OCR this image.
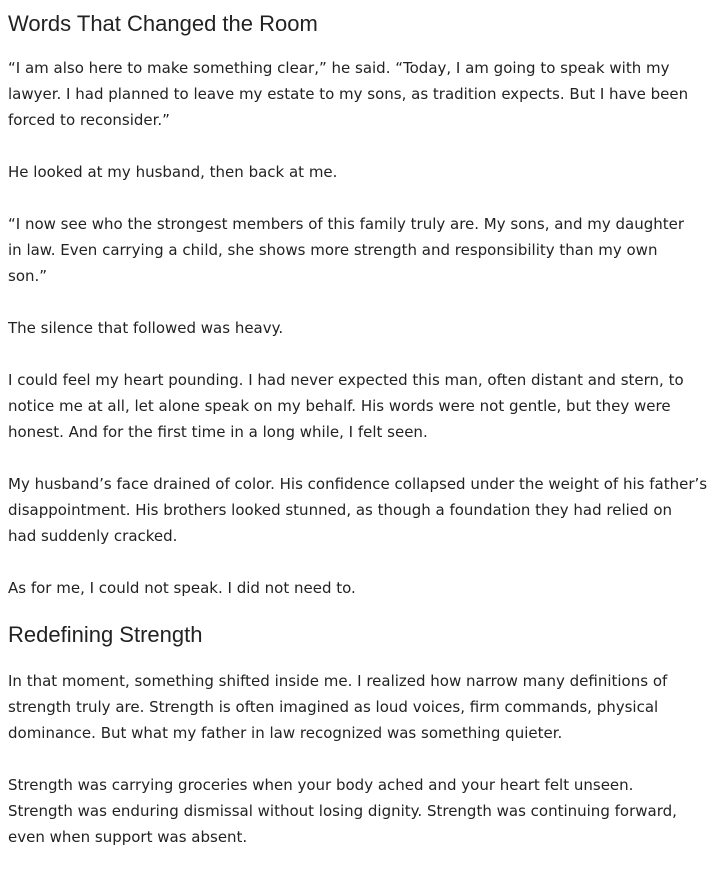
Words That Changed the Room

“I am also here to make something clear,” he said. “Today, I am going to speak with my
lawyer. I had planned to leave my estate to my sons, as tradition expects. But I have been
forced to reconsider.”

He looked at my husband, then back at me.

“I now see who the strongest members of this family truly are. My sons, and my daughter
in law. Even carrying a child, she shows more strength and responsibility than my own
son.”

The silence that followed was heavy.

I could feel my heart pounding. I had never expected this man, often distant and stern, to
notice me at all, let alone speak on my behalf. His words were not gentle, but they were
honest. And for the first time in a long while, I felt seen.

My husband’s face drained of color. His confidence collapsed under the weight of his father’s
disappointment. His brothers looked stunned, as though a foundation they had relied on
had suddenly cracked.

As for me, I could not speak. I did not need to.

Redefining Strength

In that moment, something shifted inside me. I realized how narrow many definitions of
strength truly are. Strength is often imagined as loud voices, firm commands, physical
dominance. But what my father in law recognized was something quieter.

Strength was carrying groceries when your body ached and your heart felt unseen.
Strength was enduring dismissal without losing dignity. Strength was continuing forward,
even when support was absent.
